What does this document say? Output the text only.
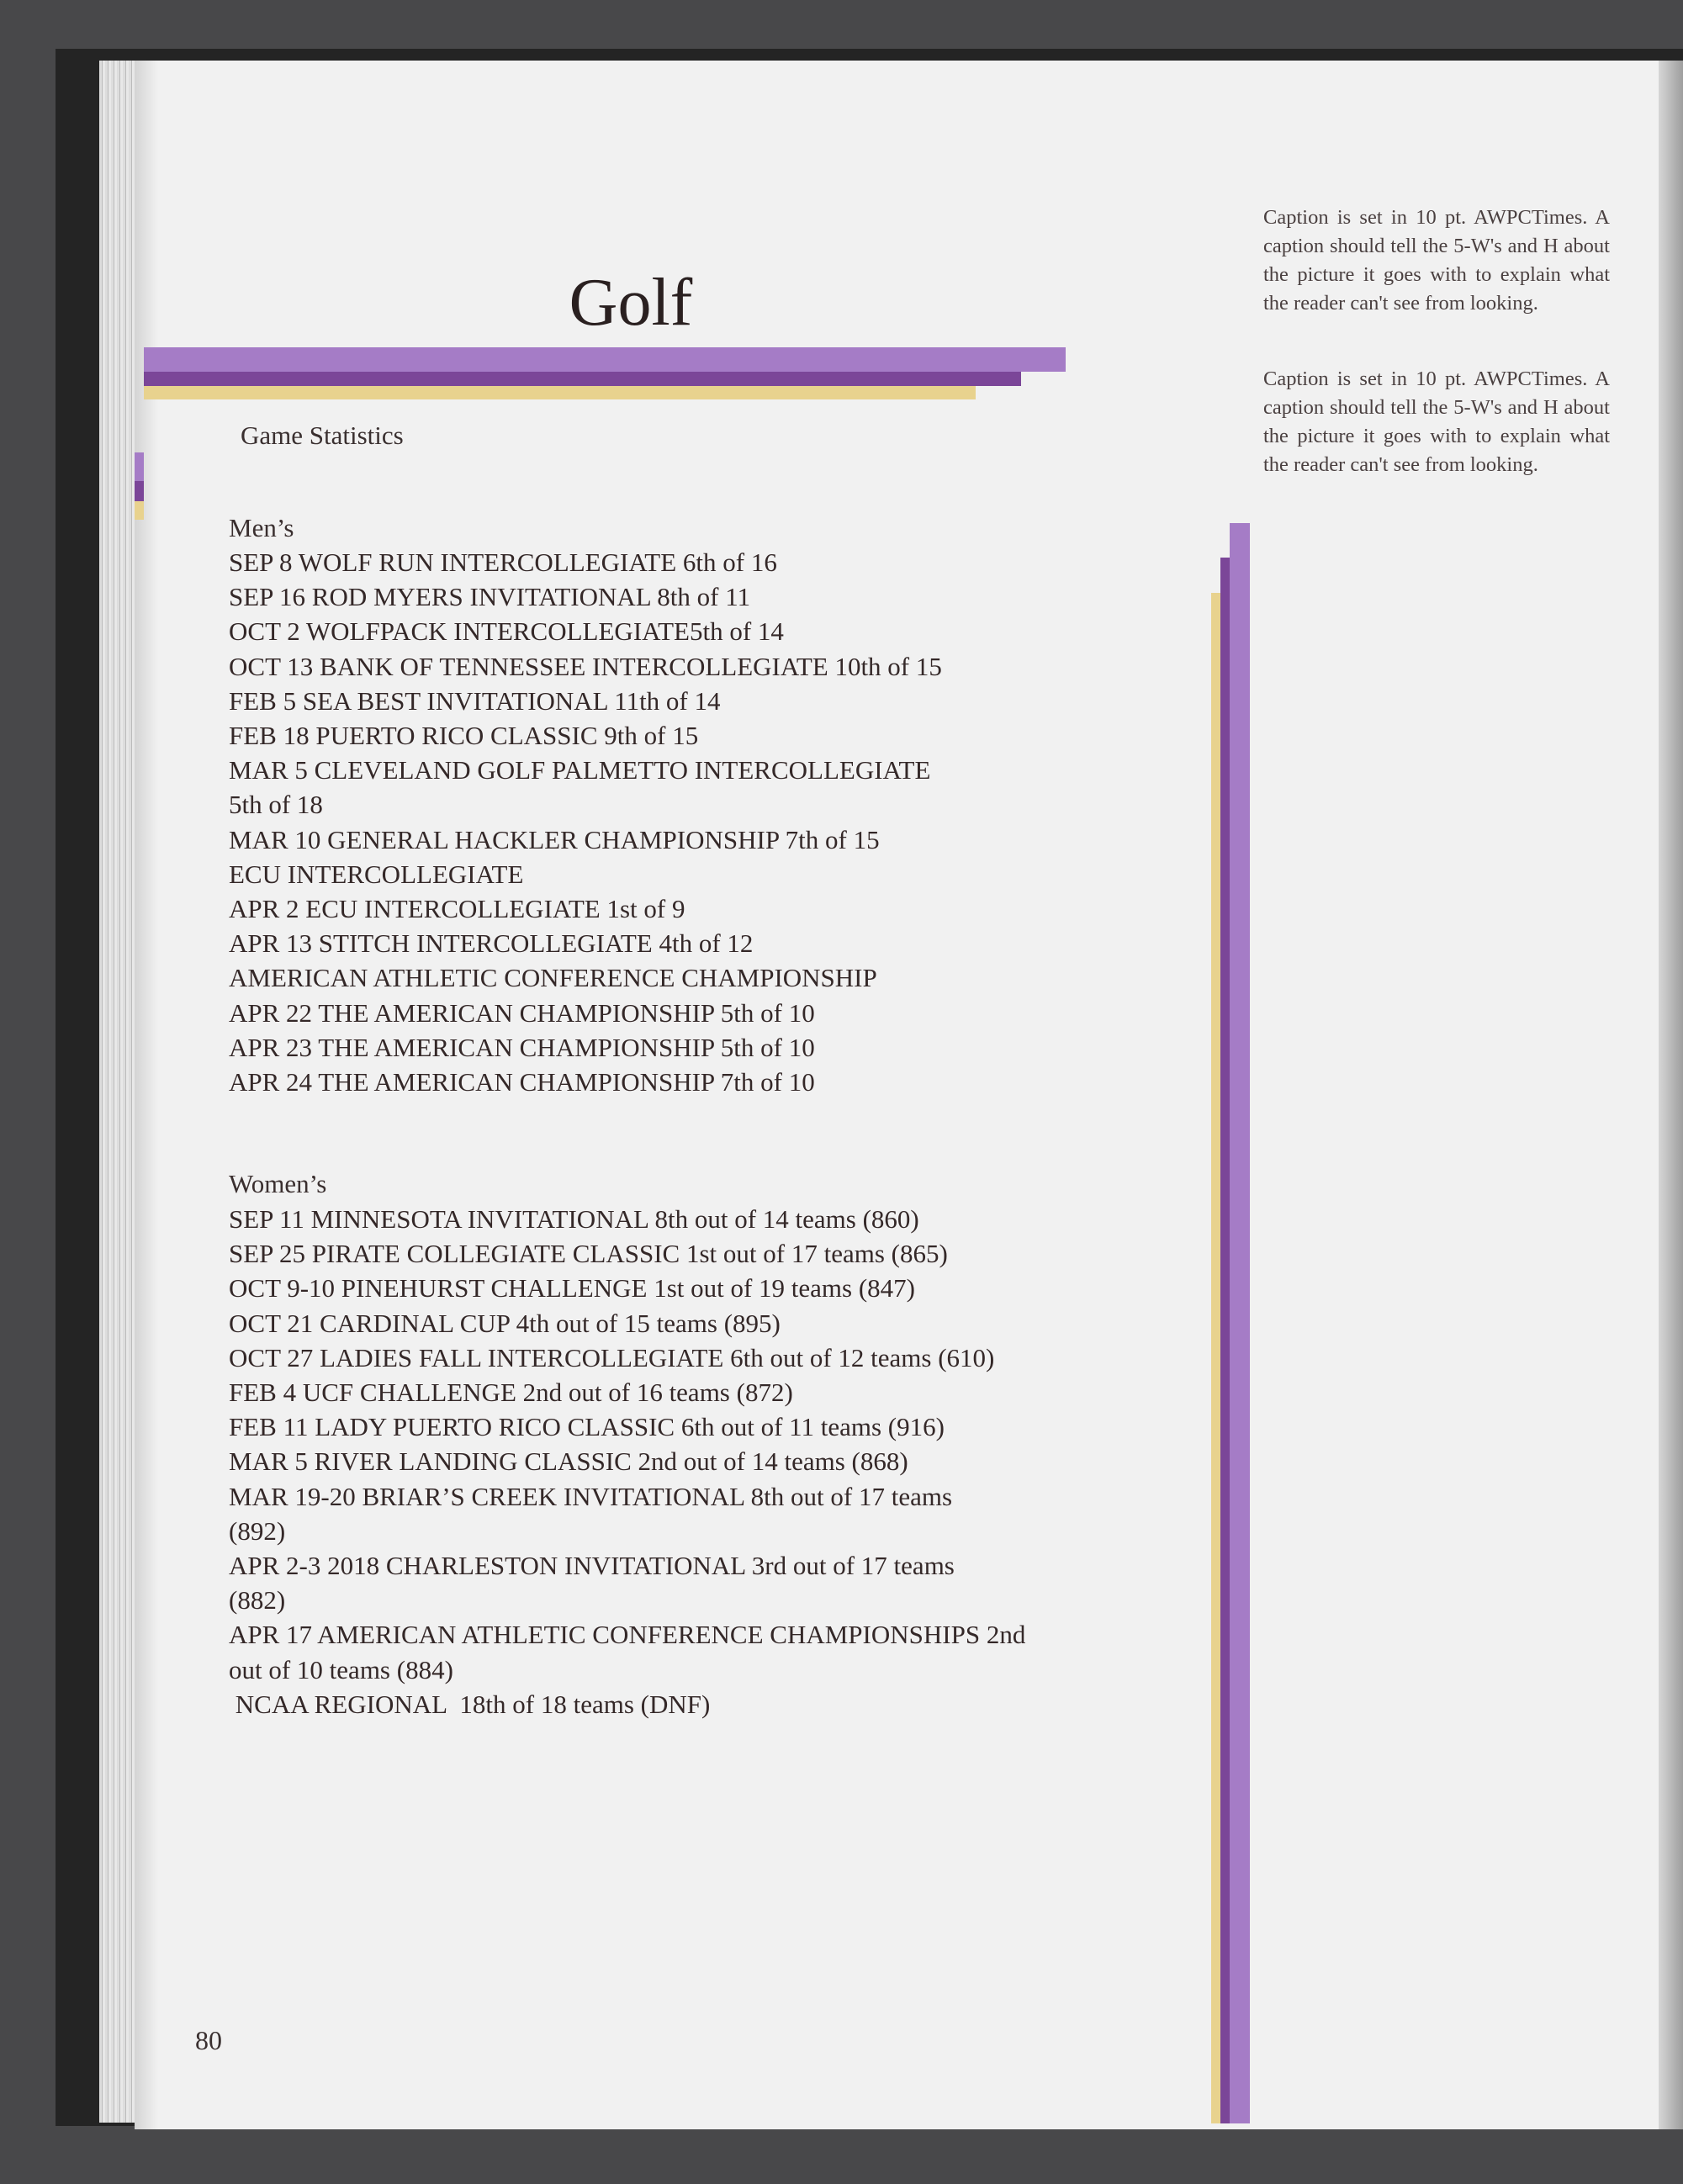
Golf
Game Statistics
Men’s
SEP 8 WOLF RUN INTERCOLLEGIATE 6th of 16
SEP 16 ROD MYERS INVITATIONAL 8th of 11
OCT 2 WOLFPACK INTERCOLLEGIATE5th of 14
OCT 13 BANK OF TENNESSEE INTERCOLLEGIATE 10th of 15
FEB 5 SEA BEST INVITATIONAL 11th of 14
FEB 18 PUERTO RICO CLASSIC 9th of 15
MAR 5 CLEVELAND GOLF PALMETTO INTERCOLLEGIATE
5th of 18
MAR 10 GENERAL HACKLER CHAMPIONSHIP 7th of 15
ECU INTERCOLLEGIATE
APR 2 ECU INTERCOLLEGIATE 1st of 9
APR 13 STITCH INTERCOLLEGIATE 4th of 12
AMERICAN ATHLETIC CONFERENCE CHAMPIONSHIP
APR 22 THE AMERICAN CHAMPIONSHIP 5th of 10
APR 23 THE AMERICAN CHAMPIONSHIP 5th of 10
APR 24 THE AMERICAN CHAMPIONSHIP 7th of 10
Women’s
SEP 11 MINNESOTA INVITATIONAL 8th out of 14 teams (860)
SEP 25 PIRATE COLLEGIATE CLASSIC 1st out of 17 teams (865)
OCT 9-10 PINEHURST CHALLENGE 1st out of 19 teams (847)
OCT 21 CARDINAL CUP 4th out of 15 teams (895)
OCT 27 LADIES FALL INTERCOLLEGIATE 6th out of 12 teams (610)
FEB 4 UCF CHALLENGE 2nd out of 16 teams (872)
FEB 11 LADY PUERTO RICO CLASSIC 6th out of 11 teams (916)
MAR 5 RIVER LANDING CLASSIC 2nd out of 14 teams (868)
MAR 19-20 BRIAR’S CREEK INVITATIONAL 8th out of 17 teams
(892)
APR 2-3 2018 CHARLESTON INVITATIONAL 3rd out of 17 teams
(882)
APR 17 AMERICAN ATHLETIC CONFERENCE CHAMPIONSHIPS 2nd
out of 10 teams (884)
NCAA REGIONAL  18th of 18 teams (DNF)
Caption is set in 10 pt. AWPCTimes. A caption should tell the 5-W's and H about the picture it goes with to explain what the reader can't see from looking.
Caption is set in 10 pt. AWPCTimes. A caption should tell the 5-W's and H about the picture it goes with to explain what the reader can't see from looking.
80
